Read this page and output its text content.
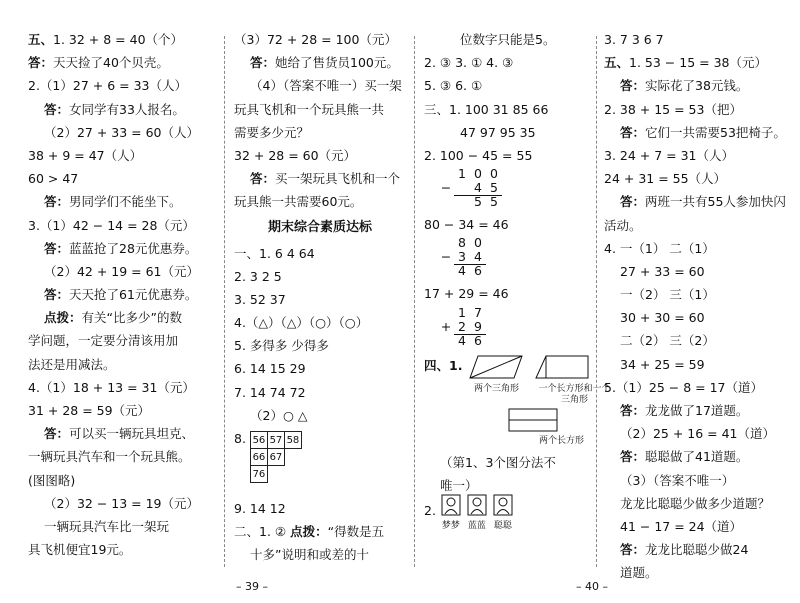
五、1. 32 + 8 = 40（个）
答：天天捡了40个贝壳。
2.（1）27 + 6 = 33（人）
答：女同学有33人报名。
（2）27 + 33 = 60（人）
38 + 9 = 47（人）
60 > 47
答：男同学们不能坐下。
3.（1）42 − 14 = 28（元）
答：蓝蓝抢了28元优惠券。
（2）42 + 19 = 61（元）
答：天天抢了61元优惠券。
点拨：有关“比多少”的数
学问题，一定要分清该用加
法还是用减法。
4.（1）18 + 13 = 31（元）
31 + 28 = 59（元）
答：可以买一辆玩具坦克、
一辆玩具汽车和一个玩具熊。
(图图略)
（2）32 − 13 = 19（元）
一辆玩具汽车比一架玩
具飞机便宜19元。
（3）72 + 28 = 100（元）
答：她给了售货员100元。
（4）（答案不唯一）买一架
玩具飞机和一个玩具熊一共
需要多少元？
32 + 28 = 60（元）
答：买一架玩具飞机和一个
玩具熊一共需要60元。
期末综合素质达标
一、1. 6 4 64
2. 3 2 5
3. 52 37
4.（△）（△）（○）（○）
5. 多得多 少得多
6. 14 15 29
7. 14 74 72
（2）○ △
8. 56	57	58
66	67	
76		
9. 14 12
二、1. ② 点拨：“得数是五
十多”说明和或差的十
位数字只能是5。
2. ③ 3. ① 4. ③
5. ③ 6. ①
三、1. 100 31 85 66
47 97 95 35
2. 100 − 45 = 55
1 0 0
− 4 5
5 5
80 − 34 = 46
8 0
− 3 4
4 6
17 + 29 = 46
1 7
+ 2 9
4 6
四、1.
两个三角形	一个长方形和一个三角形
两个长方形
（第1、3个图分法不
唯一）
2.
梦梦 蓝蓝 聪聪
3. 7 3 6 7
五、1. 53 − 15 = 38（元）
答：实际花了38元钱。
2. 38 + 15 = 53（把）
答：它们一共需要53把椅子。
3. 24 + 7 = 31（人）
24 + 31 = 55（人）
答：两班一共有55人参加快闪
活动。
4. 一（1） 二（1）
27 + 33 = 60
一（2） 三（1）
30 + 30 = 60
二（2） 三（2）
34 + 25 = 59
5.（1）25 − 8 = 17（道）
答：龙龙做了17道题。
（2）25 + 16 = 41（道）
答：聪聪做了41道题。
（3）（答案不唯一）
龙龙比聪聪少做多少道题？
41 − 17 = 24（道）
答：龙龙比聪聪少做24
道题。
– 39 –	– 40 –
